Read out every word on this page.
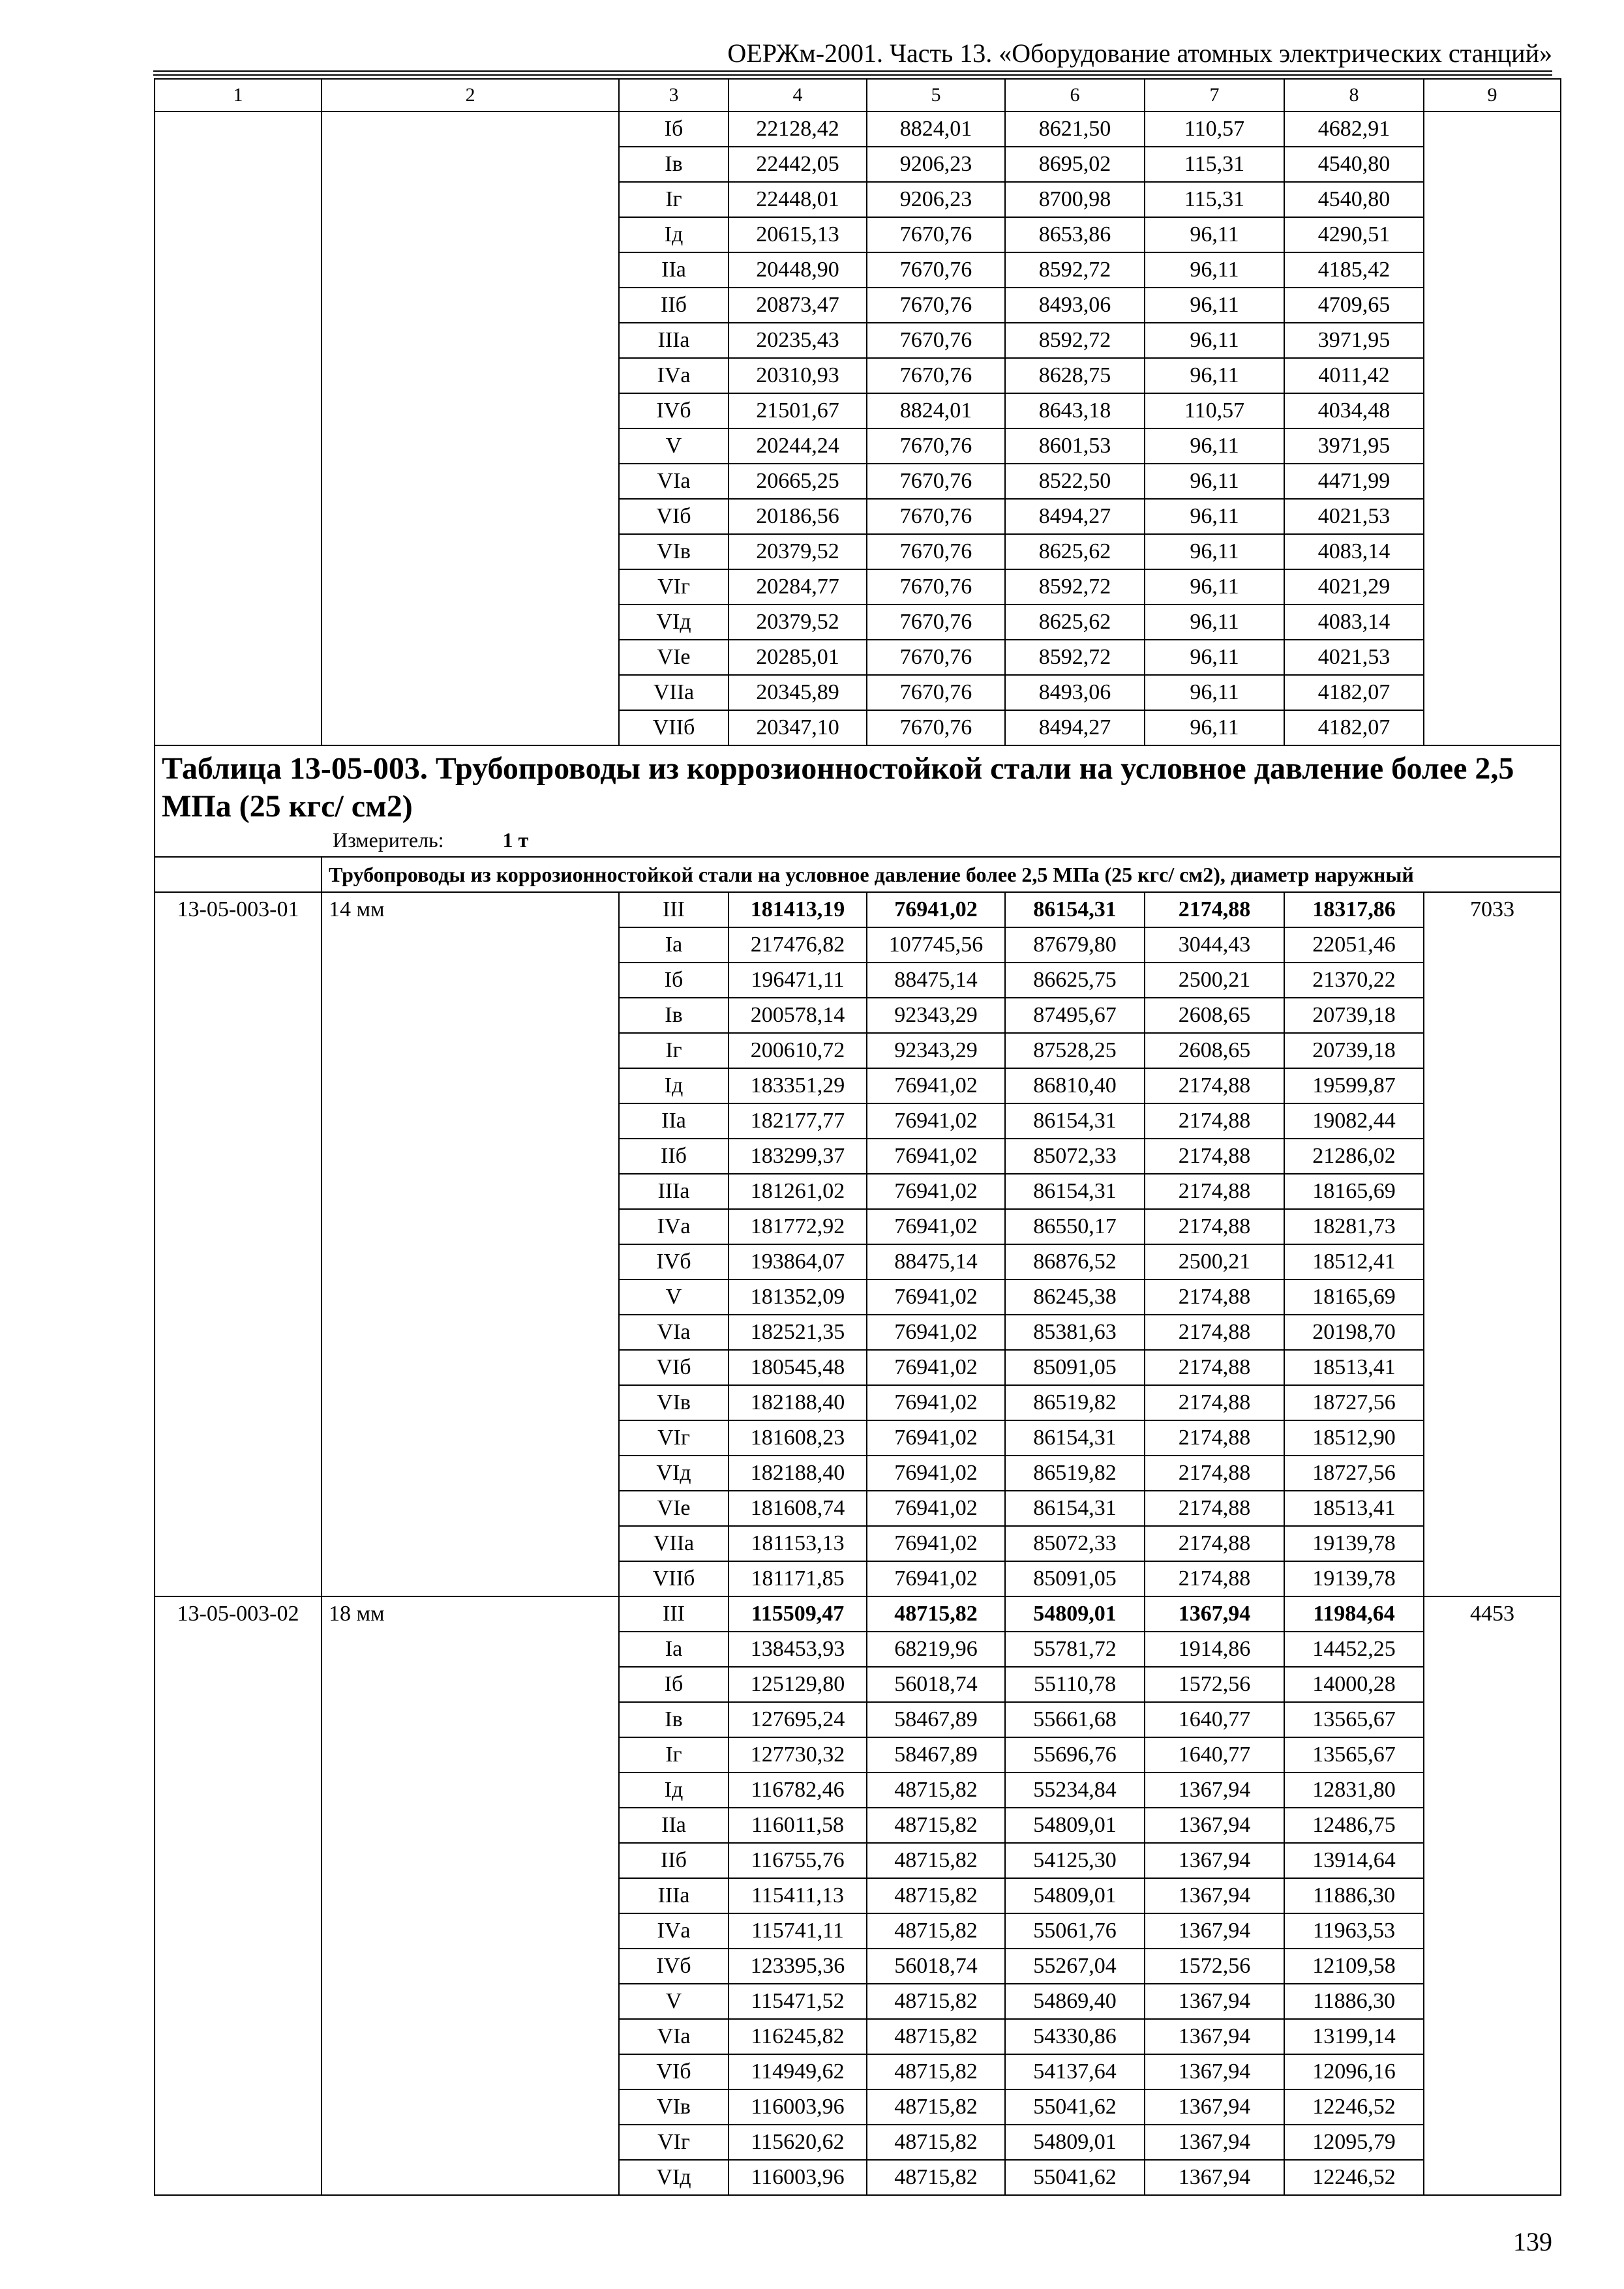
ОЕРЖм-2001. Часть 13. «Оборудование атомных электрических станций»
1	2	3	4	5	6	7	8	9
		Iб	22128,42	8824,01	8621,50	110,57	4682,91	
		Iв	22442,05	9206,23	8695,02	115,31	4540,80	
		Iг	22448,01	9206,23	8700,98	115,31	4540,80	
		Iд	20615,13	7670,76	8653,86	96,11	4290,51	
		IIа	20448,90	7670,76	8592,72	96,11	4185,42	
		IIб	20873,47	7670,76	8493,06	96,11	4709,65	
		IIIа	20235,43	7670,76	8592,72	96,11	3971,95	
		IVа	20310,93	7670,76	8628,75	96,11	4011,42	
		IVб	21501,67	8824,01	8643,18	110,57	4034,48	
		V	20244,24	7670,76	8601,53	96,11	3971,95	
		VIа	20665,25	7670,76	8522,50	96,11	4471,99	
		VIб	20186,56	7670,76	8494,27	96,11	4021,53	
		VIв	20379,52	7670,76	8625,62	96,11	4083,14	
		VIг	20284,77	7670,76	8592,72	96,11	4021,29	
		VIд	20379,52	7670,76	8625,62	96,11	4083,14	
		VIе	20285,01	7670,76	8592,72	96,11	4021,53	
		VIIа	20345,89	7670,76	8493,06	96,11	4182,07	
		VIIб	20347,10	7670,76	8494,27	96,11	4182,07	

Таблица 13-05-003. Трубопроводы из коррозионностойкой стали на условное давление более 2,5 МПа (25 кгс/ см2)
Измеритель: 1 т								

	Трубопроводы из коррозионностойкой стали на условное давление более 2,5 МПа (25 кгс/ см2), диаметр наружный							
13-05-003-01	14 мм	III	181413,19	76941,02	86154,31	2174,88	18317,86	7033
		Iа	217476,82	107745,56	87679,80	3044,43	22051,46	
		Iб	196471,11	88475,14	86625,75	2500,21	21370,22	
		Iв	200578,14	92343,29	87495,67	2608,65	20739,18	
		Iг	200610,72	92343,29	87528,25	2608,65	20739,18	
		Iд	183351,29	76941,02	86810,40	2174,88	19599,87	
		IIа	182177,77	76941,02	86154,31	2174,88	19082,44	
		IIб	183299,37	76941,02	85072,33	2174,88	21286,02	
		IIIа	181261,02	76941,02	86154,31	2174,88	18165,69	
		IVа	181772,92	76941,02	86550,17	2174,88	18281,73	
		IVб	193864,07	88475,14	86876,52	2500,21	18512,41	
		V	181352,09	76941,02	86245,38	2174,88	18165,69	
		VIа	182521,35	76941,02	85381,63	2174,88	20198,70	
		VIб	180545,48	76941,02	85091,05	2174,88	18513,41	
		VIв	182188,40	76941,02	86519,82	2174,88	18727,56	
		VIг	181608,23	76941,02	86154,31	2174,88	18512,90	
		VIд	182188,40	76941,02	86519,82	2174,88	18727,56	
		VIе	181608,74	76941,02	86154,31	2174,88	18513,41	
		VIIа	181153,13	76941,02	85072,33	2174,88	19139,78	
		VIIб	181171,85	76941,02	85091,05	2174,88	19139,78	
13-05-003-02	18 мм	III	115509,47	48715,82	54809,01	1367,94	11984,64	4453
		Iа	138453,93	68219,96	55781,72	1914,86	14452,25	
		Iб	125129,80	56018,74	55110,78	1572,56	14000,28	
		Iв	127695,24	58467,89	55661,68	1640,77	13565,67	
		Iг	127730,32	58467,89	55696,76	1640,77	13565,67	
		Iд	116782,46	48715,82	55234,84	1367,94	12831,80	
		IIа	116011,58	48715,82	54809,01	1367,94	12486,75	
		IIб	116755,76	48715,82	54125,30	1367,94	13914,64	
		IIIа	115411,13	48715,82	54809,01	1367,94	11886,30	
		IVа	115741,11	48715,82	55061,76	1367,94	11963,53	
		IVб	123395,36	56018,74	55267,04	1572,56	12109,58	
		V	115471,52	48715,82	54869,40	1367,94	11886,30	
		VIа	116245,82	48715,82	54330,86	1367,94	13199,14	
		VIб	114949,62	48715,82	54137,64	1367,94	12096,16	
		VIв	116003,96	48715,82	55041,62	1367,94	12246,52	
		VIг	115620,62	48715,82	54809,01	1367,94	12095,79	
		VIд	116003,96	48715,82	55041,62	1367,94	12246,52	
139
